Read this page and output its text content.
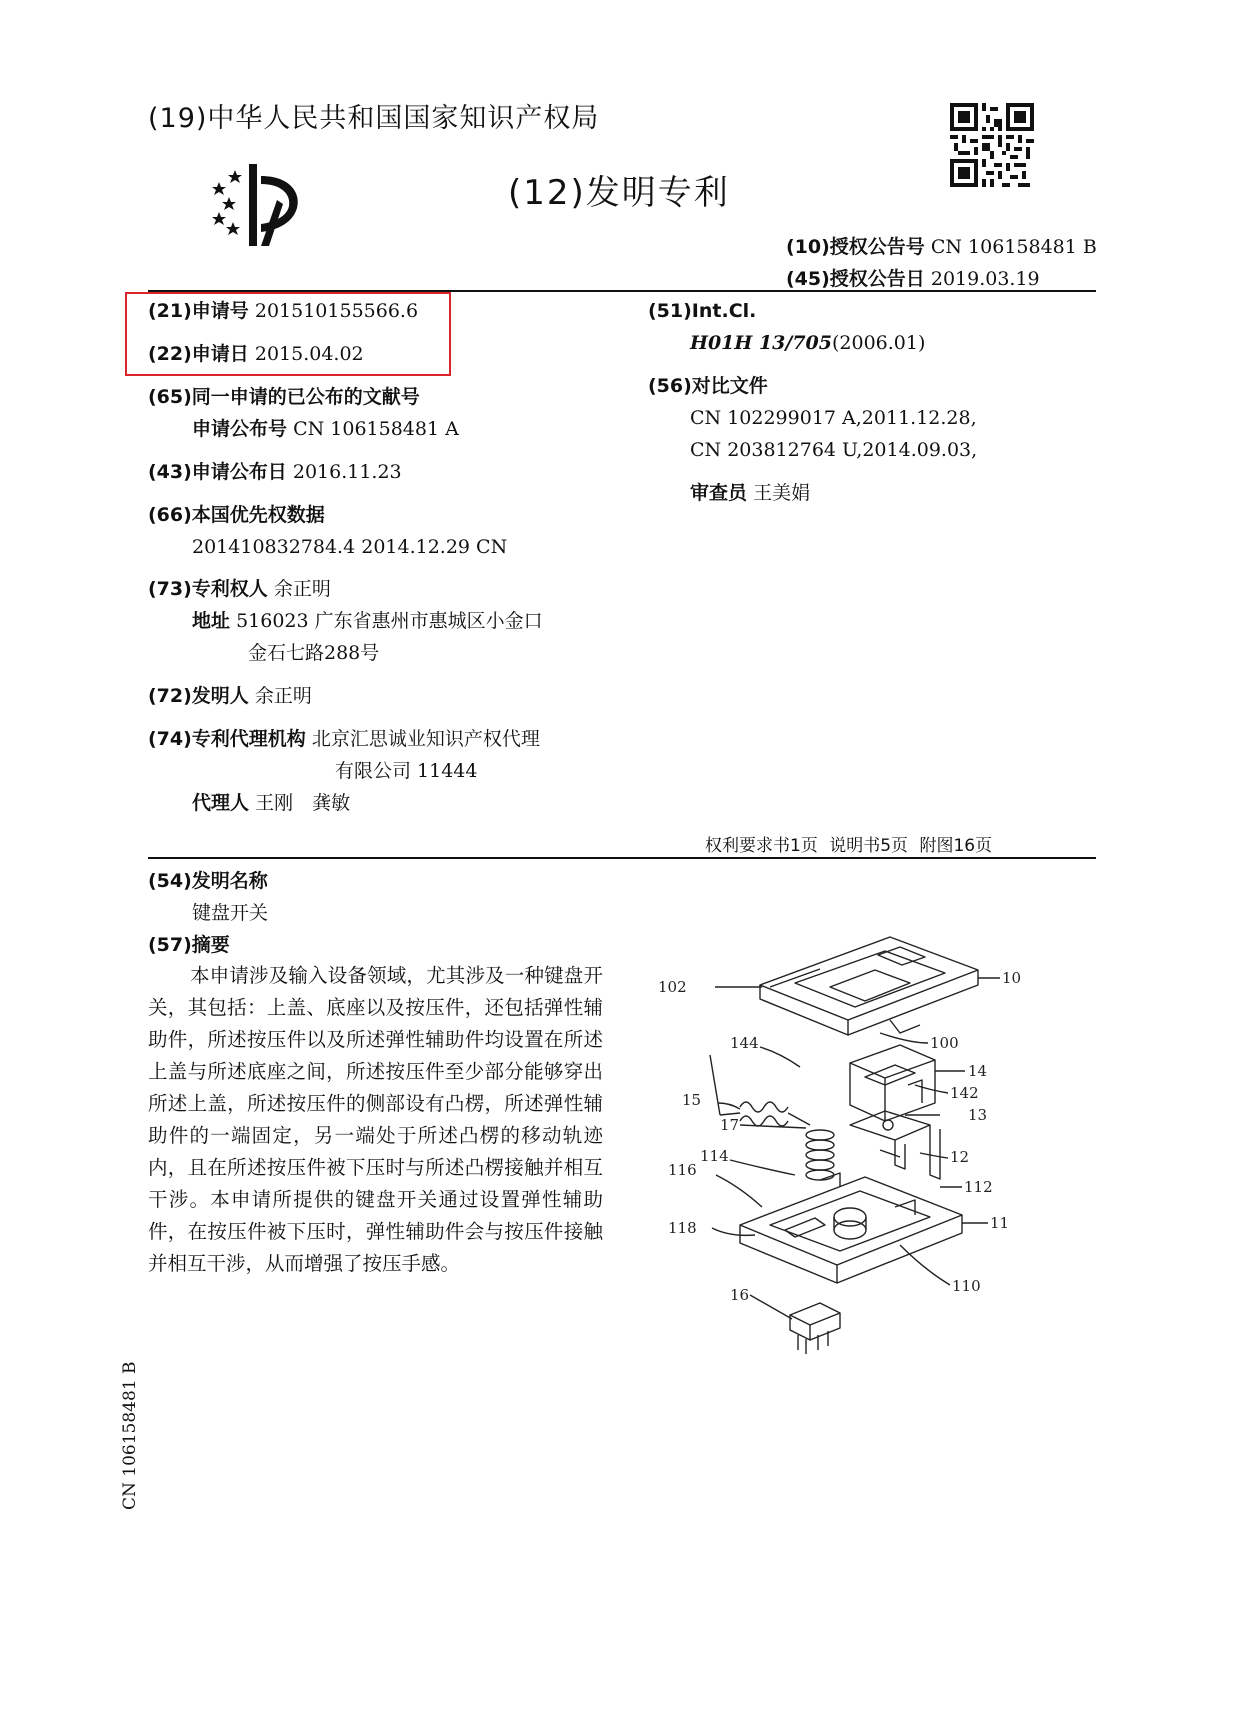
(19)中华人民共和国国家知识产权局
(12)发明专利
(10)授权公告号 CN 106158481 B
(45)授权公告日 2019.03.19
(21)申请号 201510155566.6
(22)申请日 2015.04.02
(65)同一申请的已公布的文献号
申请公布号 CN 106158481 A
(43)申请公布日 2016.11.23
(66)本国优先权数据
201410832784.4 2014.12.29 CN
(73)专利权人 余正明
地址 516023 广东省惠州市惠城区小金口
金石七路288号
(72)发明人 余正明
(74)专利代理机构 北京汇思诚业知识产权代理
有限公司 11444
代理人 王刚　龚敏
(51)Int.Cl.
H01H 13/705(2006.01)
(56)对比文件
CN 102299017 A,2011.12.28,
CN 203812764 U,2014.09.03,
审查员 王美娟
权利要求书1页 说明书5页 附图16页
(54)发明名称
键盘开关
(57)摘要
本申请涉及输入设备领域，尤其涉及一种键盘开关，其包括：上盖、底座以及按压件，还包括弹性辅助件，所述按压件以及所述弹性辅助件均设置在所述上盖与所述底座之间，所述按压件至少部分能够穿出所述上盖，所述按压件的侧部设有凸楞，所述弹性辅助件的一端固定，另一端处于所述凸楞的移动轨迹内，且在所述按压件被下压时与所述凸楞接触并相互干涉。本申请所提供的键盘开关通过设置弹性辅助件，在按压件被下压时，弹性辅助件会与按压件接触并相互干涉，从而增强了按压手感。
102	10
100
144
14
142
15
13
17
12
114
116
112
11
118
110
16
CN 106158481 B
